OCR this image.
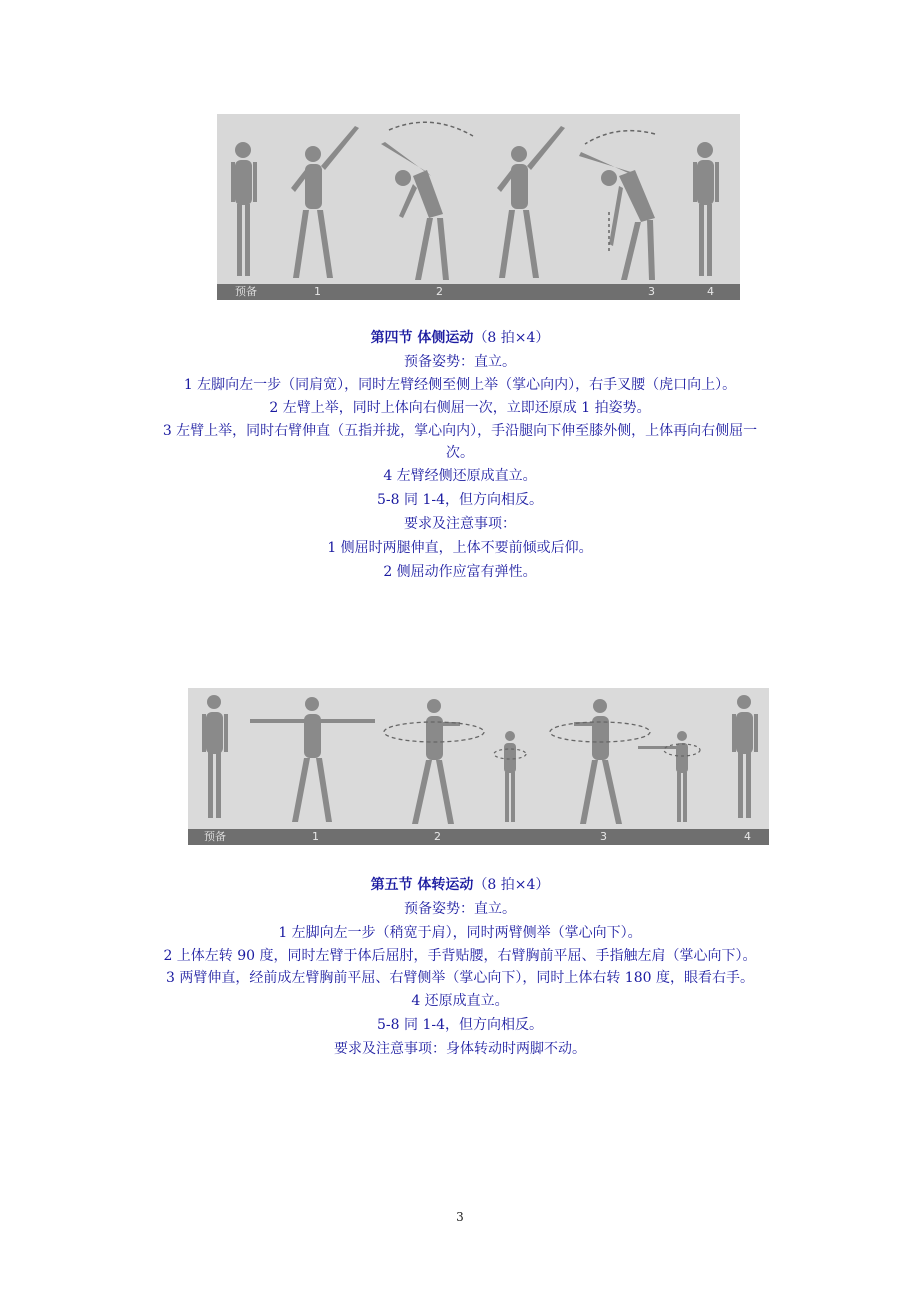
预备	1	2	3	4

第四节 体侧运动（8 拍×4）

预备姿势：直立。

1 左脚向左一步（同肩宽），同时左臂经侧至侧上举（掌心向内），右手叉腰（虎口向上）。

2 左臂上举，同时上体向右侧屈一次，立即还原成 1 拍姿势。

3 左臂上举，同时右臂伸直（五指并拢，掌心向内），手沿腿向下伸至膝外侧，上体再向右侧屈一次。

4 左臂经侧还原成直立。

5-8 同 1-4，但方向相反。

要求及注意事项：

1 侧屈时两腿伸直，上体不要前倾或后仰。

2 侧屈动作应富有弹性。

预备	1	2	3	4

第五节 体转运动（8 拍×4）

预备姿势：直立。

1 左脚向左一步（稍宽于肩），同时两臂侧举（掌心向下）。

2 上体左转 90 度，同时左臂于体后屈肘，手背贴腰，右臂胸前平屈、手指触左肩（掌心向下）。

3 两臂伸直，经前成左臂胸前平屈、右臂侧举（掌心向下），同时上体右转 180 度，眼看右手。

4 还原成直立。

5-8 同 1-4，但方向相反。

要求及注意事项：身体转动时两脚不动。

3
